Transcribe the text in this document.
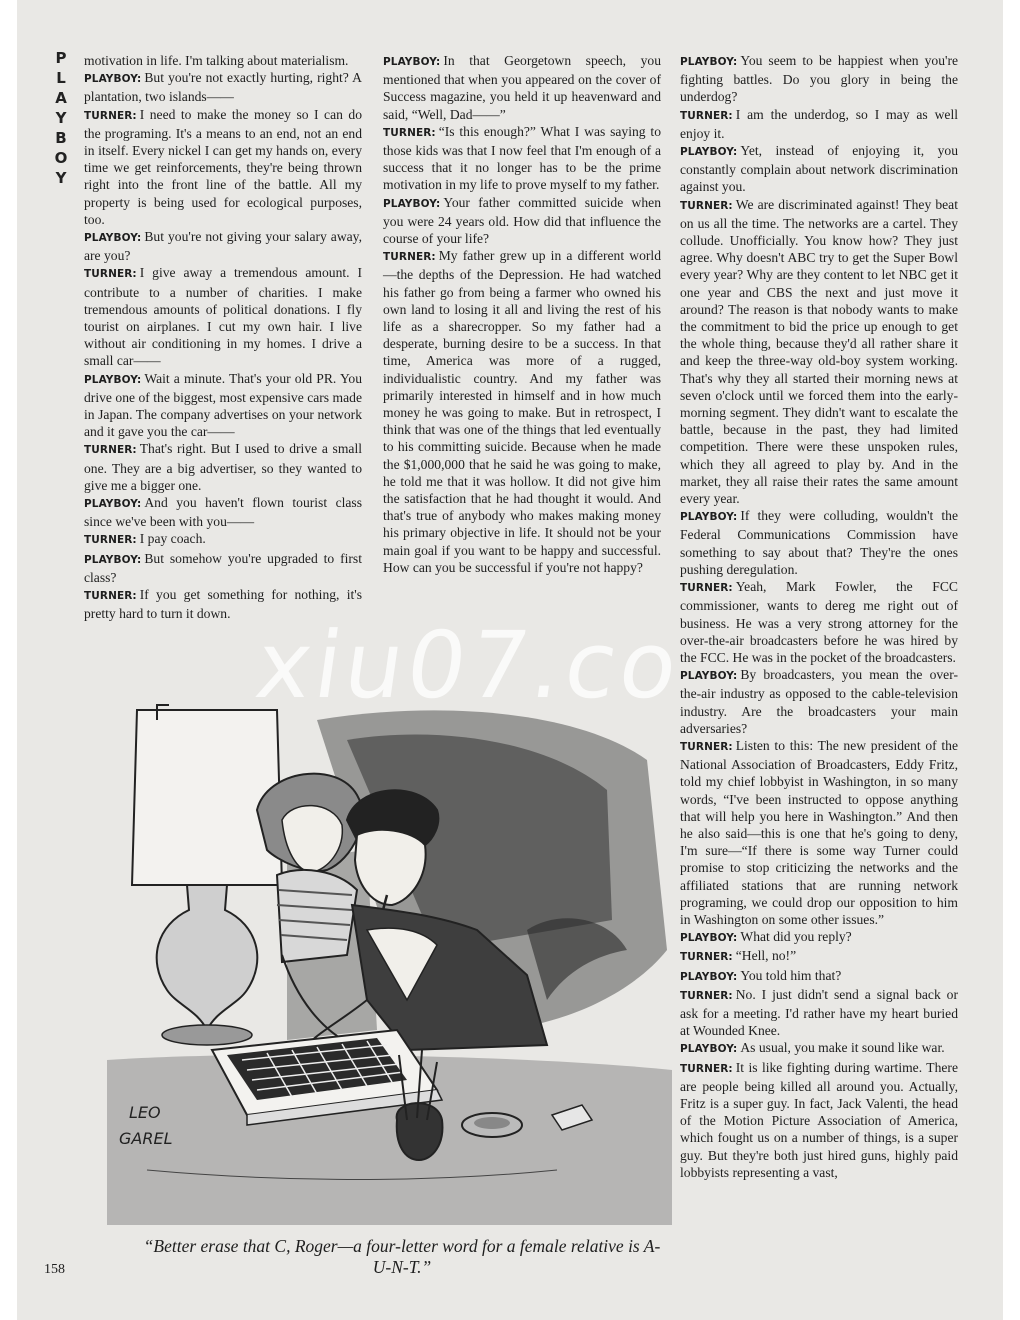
P
L
A
Y
B
O
Y

motivation in life. I'm talking about materialism.

PLAYBOY: But you're not exactly hurting, right? A plantation, two islands——

TURNER: I need to make the money so I can do the programing. It's a means to an end, not an end in itself. Every nickel I can get my hands on, every time we get reinforcements, they're being thrown right into the front line of the battle. All my property is being used for ecological purposes, too.

PLAYBOY: But you're not giving your salary away, are you?

TURNER: I give away a tremendous amount. I contribute to a number of charities. I make tremendous amounts of political donations. I fly tourist on airplanes. I cut my own hair. I live without air conditioning in my homes. I drive a small car——

PLAYBOY: Wait a minute. That's your old PR. You drive one of the biggest, most expensive cars made in Japan. The company advertises on your network and it gave you the car——

TURNER: That's right. But I used to drive a small one. They are a big advertiser, so they wanted to give me a bigger one.

PLAYBOY: And you haven't flown tourist class since we've been with you——

TURNER: I pay coach.

PLAYBOY: But somehow you're upgraded to first class?

TURNER: If you get something for nothing, it's pretty hard to turn it down.

PLAYBOY: In that Georgetown speech, you mentioned that when you appeared on the cover of Success magazine, you held it up heavenward and said, “Well, Dad——”

TURNER: “Is this enough?” What I was saying to those kids was that I now feel that I'm enough of a success that it no longer has to be the prime motivation in my life to prove myself to my father.

PLAYBOY: Your father committed suicide when you were 24 years old. How did that influence the course of your life?

TURNER: My father grew up in a different world—the depths of the Depression. He had watched his father go from being a farmer who owned his own land to losing it all and living the rest of his life as a sharecropper. So my father had a desperate, burning desire to be a success. In that time, America was more of a rugged, individualistic country. And my father was primarily interested in himself and in how much money he was going to make. But in retrospect, I think that was one of the things that led eventually to his committing suicide. Because when he made the $1,000,000 that he said he was going to make, he told me that it was hollow. It did not give him the satisfaction that he had thought it would. And that's true of anybody who makes making money his primary objective in life. It should not be your main goal if you want to be happy and successful. How can you be successful if you're not happy?

PLAYBOY: You seem to be happiest when you're fighting battles. Do you glory in being the underdog?

TURNER: I am the underdog, so I may as well enjoy it.

PLAYBOY: Yet, instead of enjoying it, you constantly complain about network discrimination against you.

TURNER: We are discriminated against! They beat on us all the time. The networks are a cartel. They collude. Unofficially. You know how? They just agree. Why doesn't ABC try to get the Super Bowl every year? Why are they content to let NBC get it one year and CBS the next and just move it around? The reason is that nobody wants to make the commitment to bid the price up enough to get the whole thing, because they'd all rather share it and keep the three-way old-boy system working. That's why they all started their morning news at seven o'clock until we forced them into the early-morning segment. They didn't want to escalate the battle, because in the past, they had limited competition. There were these unspoken rules, which they all agreed to play by. And in the market, they all raise their rates the same amount every year.

PLAYBOY: If they were colluding, wouldn't the Federal Communications Commission have something to say about that? They're the ones pushing deregulation.

TURNER: Yeah, Mark Fowler, the FCC commissioner, wants to dereg me right out of business. He was a very strong attorney for the over-the-air broadcasters before he was hired by the FCC. He was in the pocket of the broadcasters.

PLAYBOY: By broadcasters, you mean the over-the-air industry as opposed to the cable-television industry. Are the broadcasters your main adversaries?

TURNER: Listen to this: The new president of the National Association of Broadcasters, Eddy Fritz, told my chief lobbyist in Washington, in so many words, “I've been instructed to oppose anything that will help you here in Washington.” And then he also said—this is one that he's going to deny, I'm sure—“If there is some way Turner could promise to stop criticizing the networks and the affiliated stations that are running network programing, we could drop our opposition to him in Washington on some other issues.”

PLAYBOY: What did you reply?

TURNER: “Hell, no!”

PLAYBOY: You told him that?

TURNER: No. I just didn't send a signal back or ask for a meeting. I'd rather have my heart buried at Wounded Knee.

PLAYBOY: As usual, you make it sound like war.

TURNER: It is like fighting during wartime. There are people being killed all around you. Actually, Fritz is a super guy. In fact, Jack Valenti, the head of the Motion Picture Association of America, which fought us on a number of things, is a super guy. But they're both just hired guns, highly paid lobbyists representing a vast,

LEO
GAREL
xiu07.co
“Better erase that C, Roger—a four-letter word for a female relative is A-U-N-T.”
158
